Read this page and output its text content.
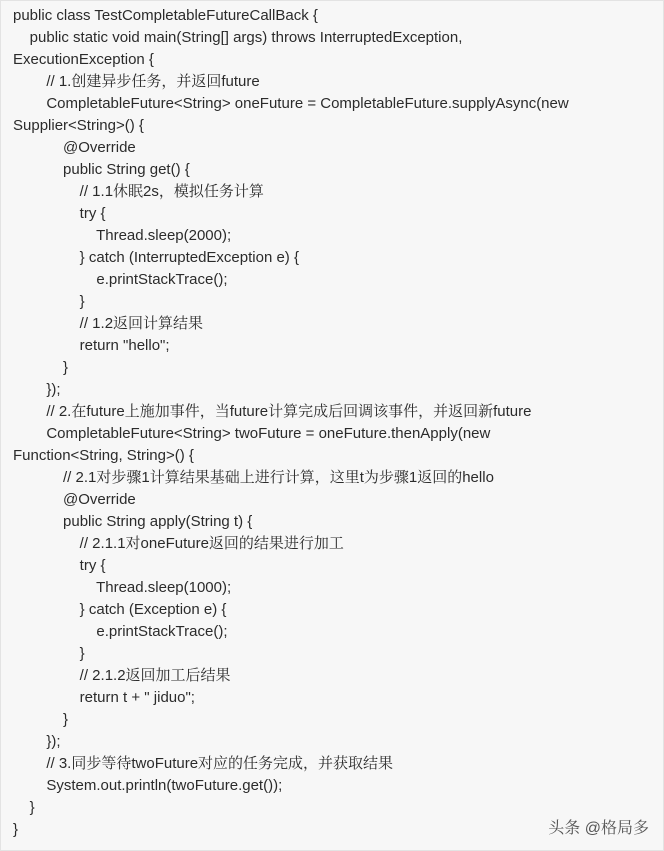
public class TestCompletableFutureCallBack {
public static void main(String[] args) throws InterruptedException,
ExecutionException {
// 1.创建异步任务，并返回future
CompletableFuture<String> oneFuture = CompletableFuture.supplyAsync(new
Supplier<String>() {
@Override
public String get() {
// 1.1休眠2s，模拟任务计算
try {
Thread.sleep(2000);
} catch (InterruptedException e) {
e.printStackTrace();
}
// 1.2返回计算结果
return "hello";
}
});
// 2.在future上施加事件，当future计算完成后回调该事件，并返回新future
CompletableFuture<String> twoFuture = oneFuture.thenApply(new
Function<String, String>() {
// 2.1对步骤1计算结果基础上进行计算，这里t为步骤1返回的hello
@Override
public String apply(String t) {
// 2.1.1对oneFuture返回的结果进行加工
try {
Thread.sleep(1000);
} catch (Exception e) {
e.printStackTrace();
}
// 2.1.2返回加工后结果
return t + " jiduo";
}
});
// 3.同步等待twoFuture对应的任务完成，并获取结果
System.out.println(twoFuture.get());
}
}	头条 @格局多
